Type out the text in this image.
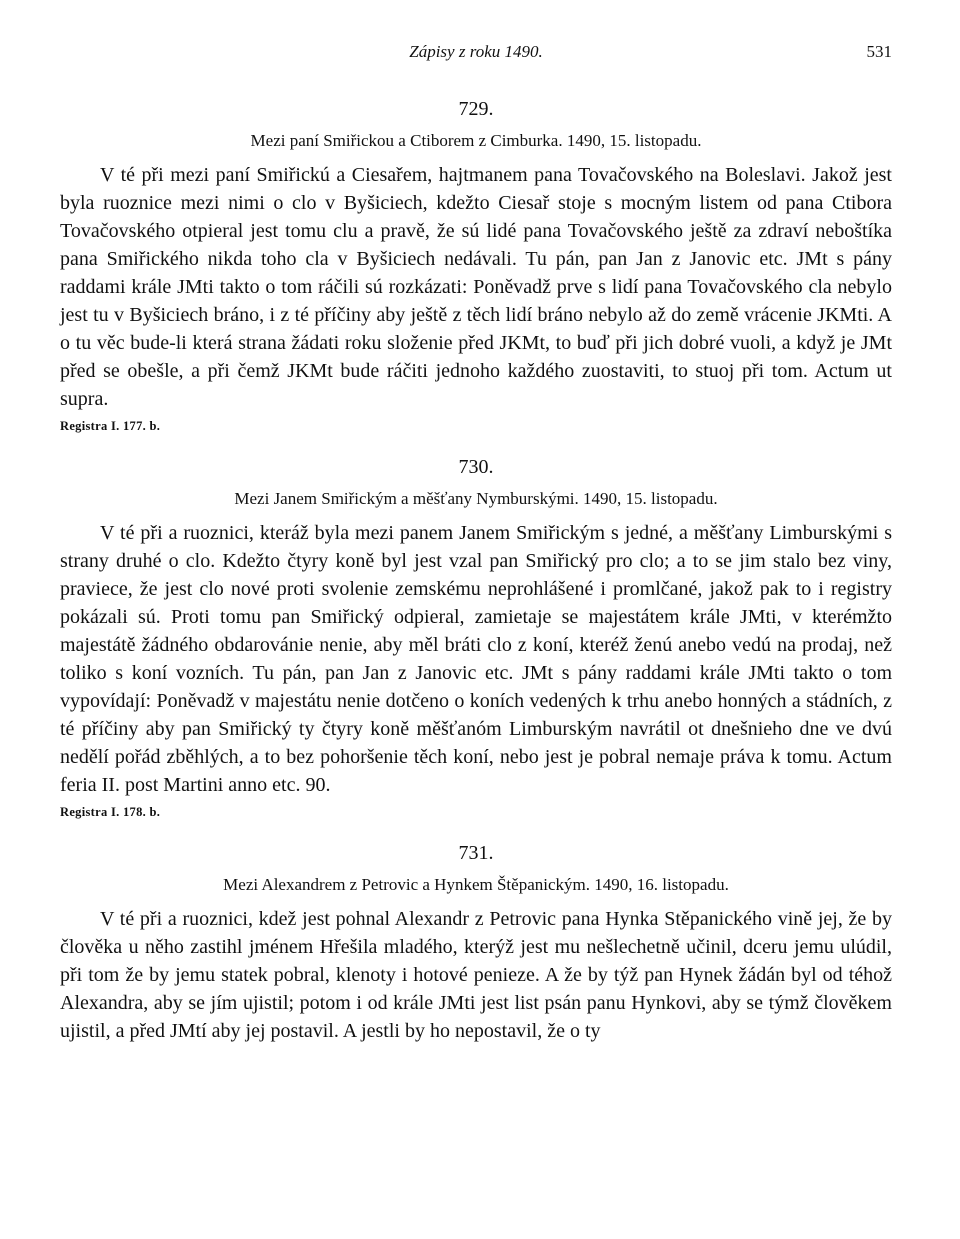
Zápisy z roku 1490.	531
729.
Mezi paní Smiřickou a Ctiborem z Cimburka. 1490, 15. listopadu.

V té při mezi paní Smiřickú a Ciesařem, hajtmanem pana Tovačovského na Boleslavi. Jakož jest byla ruoznice mezi nimi o clo v Byšiciech, kdežto Ciesař stoje s mocným listem od pana Ctibora Tovačovského otpieral jest tomu clu a pravě, že sú lidé pana Tovačovského ještě za zdraví neboštíka pana Smiřického nikda toho cla v Byšiciech nedávali. Tu pán, pan Jan z Janovic etc. JMt s pány raddami krále JMti takto o tom ráčili sú rozkázati: Poněvadž prve s lidí pana Tovačovského cla nebylo jest tu v Byšiciech bráno, i z té příčiny aby ještě z těch lidí bráno nebylo až do země vrácenie JKMti. A o tu věc bude-li která strana žádati roku složenie před JKMt, to buď při jich dobré vuoli, a když je JMt před se obešle, a při čemž JKMt bude ráčiti jednoho každého zuostaviti, to stuoj při tom. Actum ut supra.

Registra I. 177. b.
730.
Mezi Janem Smiřickým a měšťany Nymburskými. 1490, 15. listopadu.

V té při a ruoznici, kteráž byla mezi panem Janem Smiřickým s jedné, a měšťany Limburskými s strany druhé o clo. Kdežto čtyry koně byl jest vzal pan Smiřický pro clo; a to se jim stalo bez viny, praviece, že jest clo nové proti svolenie zemskému neprohlášené i promlčané, jakož pak to i registry pokázali sú. Proti tomu pan Smiřický odpieral, zamietaje se majestátem krále JMti, v kterémžto majestátě žádného obdarovánie nenie, aby měl bráti clo z koní, kteréž ženú anebo vedú na prodaj, než toliko s koní vozních. Tu pán, pan Jan z Janovic etc. JMt s pány raddami krále JMti takto o tom vypovídají: Poněvadž v majestátu nenie dotčeno o koních vedených k trhu anebo honných a stádních, z té příčiny aby pan Smiřický ty čtyry koně měšťanóm Limburským navrátil ot dnešnieho dne ve dvú nedělí pořád zběhlých, a to bez pohoršenie těch koní, nebo jest je pobral nemaje práva k tomu. Actum feria II. post Martini anno etc. 90.

Registra I. 178. b.
731.
Mezi Alexandrem z Petrovic a Hynkem Štěpanickým. 1490, 16. listopadu.

V té při a ruoznici, kdež jest pohnal Alexandr z Petrovic pana Hynka Stěpanického vině jej, že by člověka u něho zastihl jménem Hřešila mladého, kterýž jest mu nešlechetně učinil, dceru jemu ulúdil, při tom že by jemu statek pobral, klenoty i hotové penieze. A že by týž pan Hynek žádán byl od téhož Alexandra, aby se jím ujistil; potom i od krále JMti jest list psán panu Hynkovi, aby se týmž člověkem ujistil, a před JMtí aby jej postavil. A jestli by ho nepostavil, že o ty
